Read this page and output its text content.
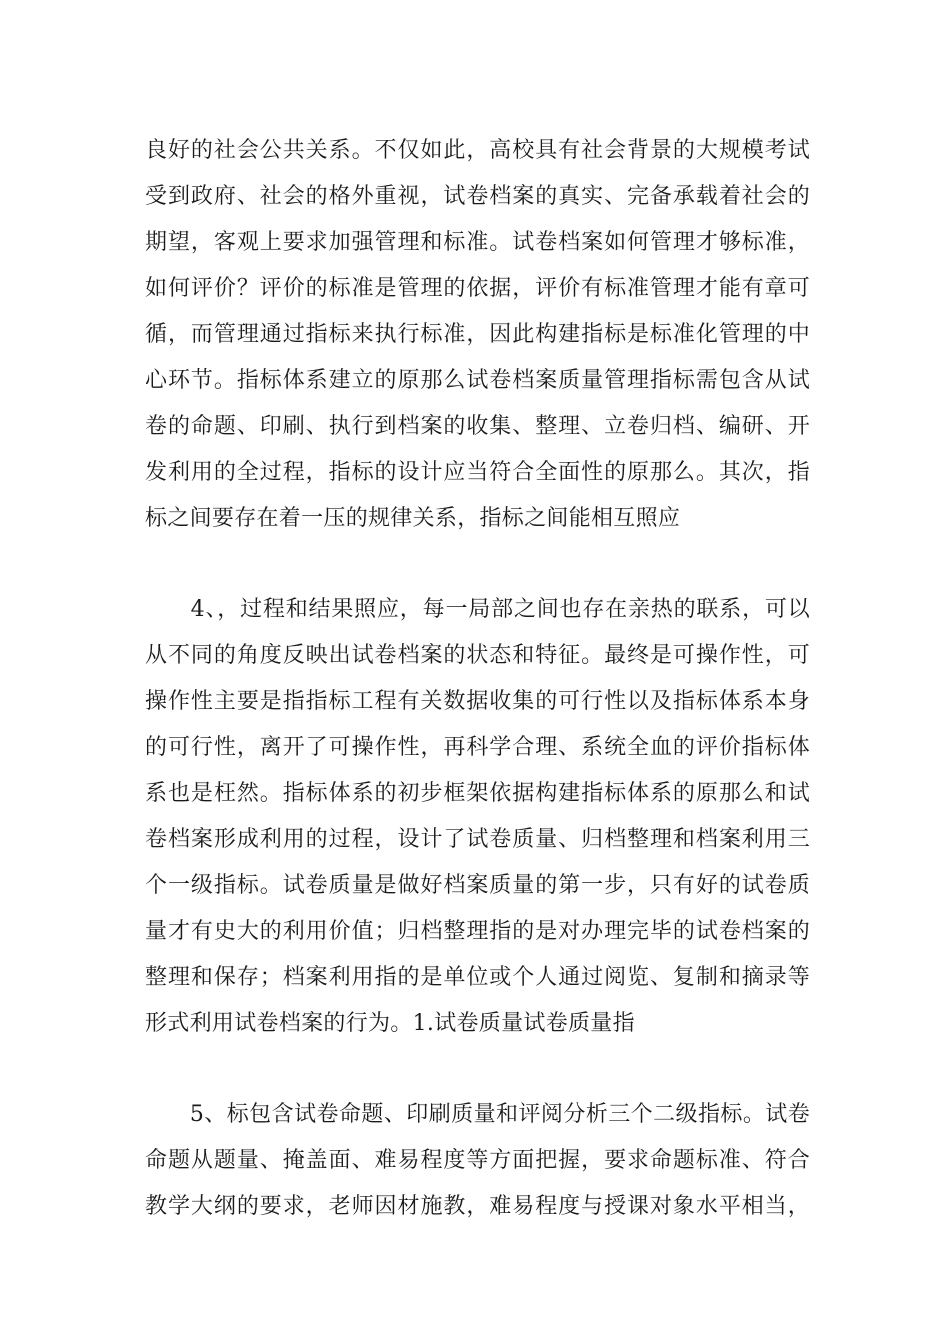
良好的社会公共关系。不仅如此，高校具有社会背景的大规模考试
受到政府、社会的格外重视，试卷档案的真实、完备承载着社会的
期望，客观上要求加强管理和标准。试卷档案如何管理才够标准，
如何评价？评价的标准是管理的依据，评价有标准管理才能有章可
循，而管理通过指标来执行标准，因此构建指标是标准化管理的中
心环节。指标体系建立的原那么试卷档案质量管理指标需包含从试
卷的命题、印刷、执行到档案的收集、整理、立卷归档、编研、开
发利用的全过程，指标的设计应当符合全面性的原那么。其次，指
标之间要存在着一压的规律关系，指标之间能相互照应

　　4、，过程和结果照应，每一局部之间也存在亲热的联系，可以
从不同的角度反映出试卷档案的状态和特征。最终是可操作性，可
操作性主要是指指标工程有关数据收集的可行性以及指标体系本身
的可行性，离开了可操作性，再科学合理、系统全血的评价指标体
系也是枉然。指标体系的初步框架依据构建指标体系的原那么和试
卷档案形成利用的过程，设计了试卷质量、归档整理和档案利用三
个一级指标。试卷质量是做好档案质量的第一步，只有好的试卷质
量才有史大的利用价值；归档整理指的是对办理完毕的试卷档案的
整理和保存；档案利用指的是单位或个人通过阅览、复制和摘录等
形式利用试卷档案的行为。1.试卷质量试卷质量指

　　5、标包含试卷命题、印刷质量和评阅分析三个二级指标。试卷
命题从题量、掩盖面、难易程度等方面把握，要求命题标准、符合
教学大纲的要求，老师因材施教，难易程度与授课对象水平相当，
